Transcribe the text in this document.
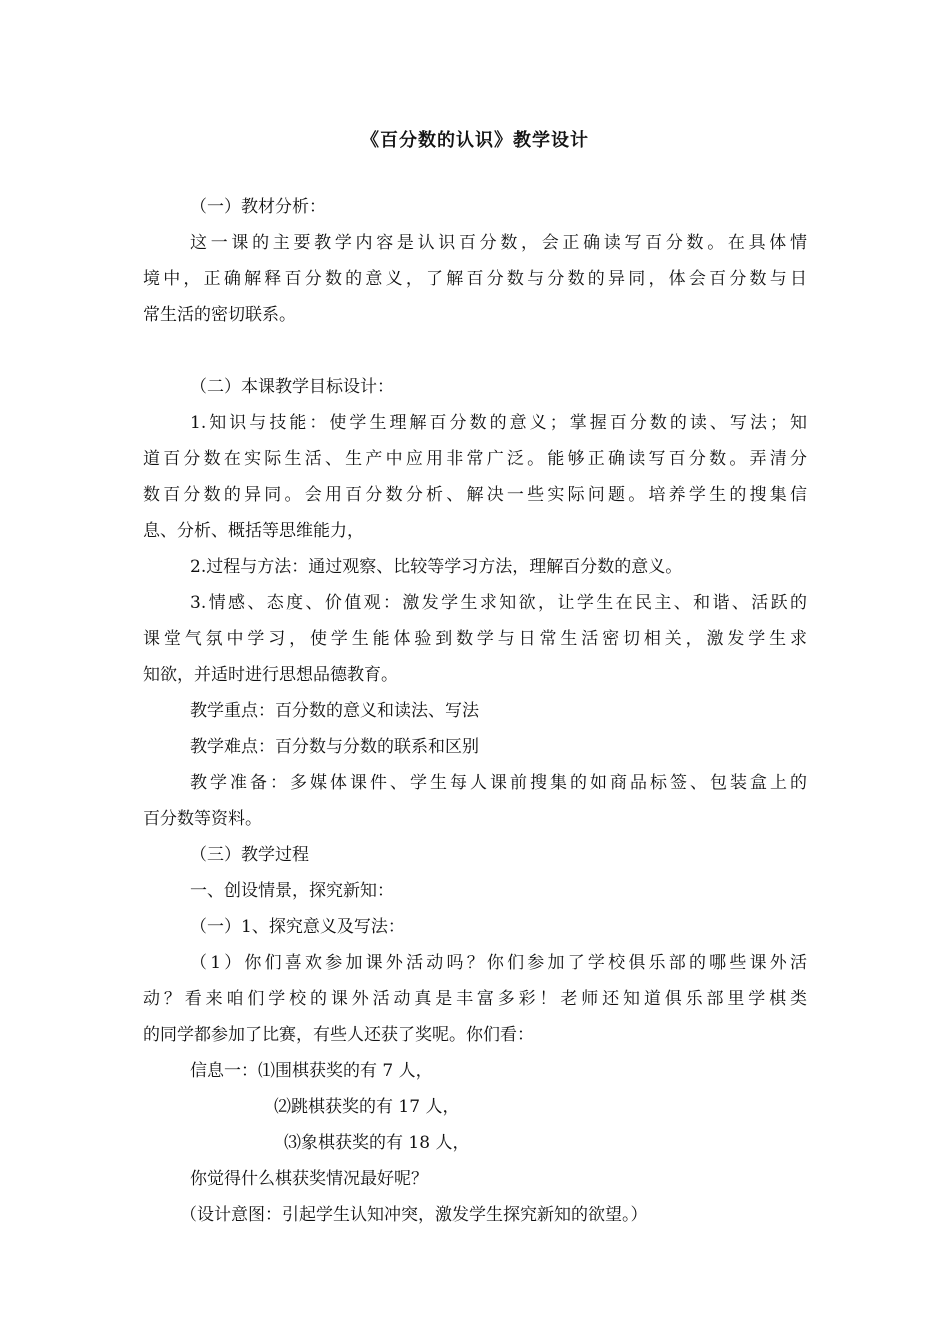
《百分数的认识》教学设计
（一）教材分析：
这一课的主要教学内容是认识百分数，会正确读写百分数。在具体情
境中，正确解释百分数的意义，了解百分数与分数的异同，体会百分数与日
常生活的密切联系。
（二）本课教学目标设计：
1.知识与技能：使学生理解百分数的意义；掌握百分数的读、写法；知
道百分数在实际生活、生产中应用非常广泛。能够正确读写百分数。弄清分
数百分数的异同。会用百分数分析、解决一些实际问题。培养学生的搜集信
息、分析、概括等思维能力，
2.过程与方法：通过观察、比较等学习方法，理解百分数的意义。
3.情感、态度、价值观：激发学生求知欲，让学生在民主、和谐、活跃的
课堂气氛中学习，使学生能体验到数学与日常生活密切相关，激发学生求
知欲，并适时进行思想品德教育。
教学重点：百分数的意义和读法、写法
教学难点：百分数与分数的联系和区别
教学准备：多媒体课件、学生每人课前搜集的如商品标签、包装盒上的
百分数等资料。
（三）教学过程
一、创设情景，探究新知：
（一）1、探究意义及写法：
（1）你们喜欢参加课外活动吗？你们参加了学校俱乐部的哪些课外活
动？看来咱们学校的课外活动真是丰富多彩！老师还知道俱乐部里学棋类
的同学都参加了比赛，有些人还获了奖呢。你们看：
信息一：⑴围棋获奖的有 7 人，
⑵跳棋获奖的有 17 人，
⑶象棋获奖的有 18 人，
你觉得什么棋获奖情况最好呢？
（设计意图：引起学生认知冲突，激发学生探究新知的欲望。）
